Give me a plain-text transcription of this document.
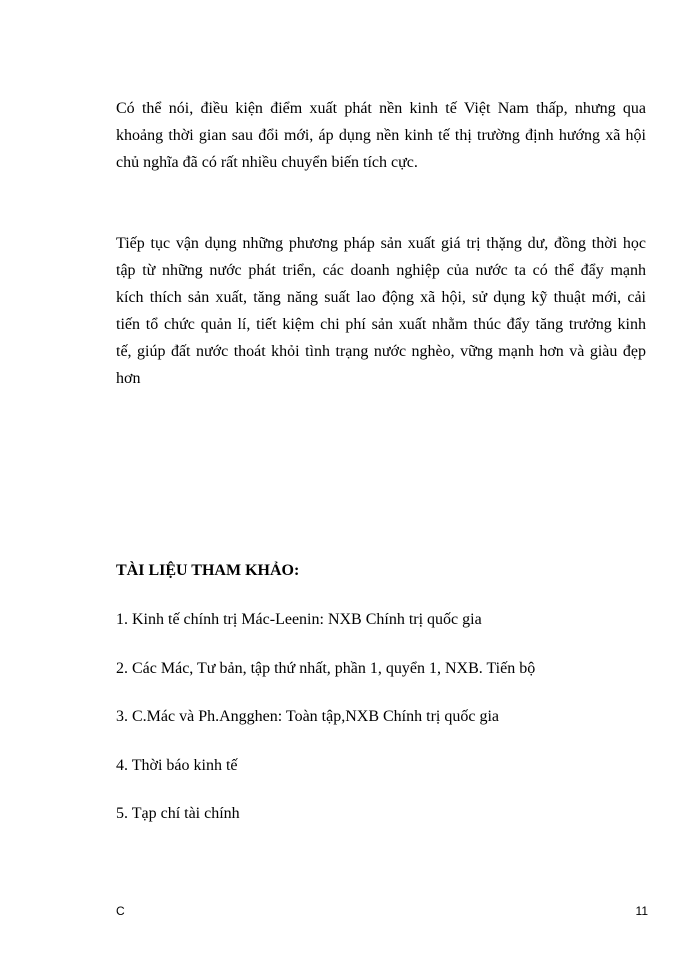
Có thể nói, điều kiện điểm xuất phát nền kinh tế Việt Nam thấp, nhưng qua
khoảng thời gian sau đổi mới, áp dụng nền kinh tế thị trường định hướng xã hội
chủ nghĩa đã có rất nhiều chuyển biến tích cực.
Tiếp tục vận dụng những phương pháp sản xuất giá trị thặng dư, đồng thời học
tập từ những nước phát triển, các doanh nghiệp của nước ta có thể đẩy mạnh
kích thích sản xuất, tăng năng suất lao động xã hội, sử dụng kỹ thuật mới, cải
tiến tổ chức quản lí, tiết kiệm chi phí sản xuất nhằm thúc đẩy tăng trưởng kinh
tế, giúp đất nước thoát khỏi tình trạng nước nghèo, vững mạnh hơn và giàu đẹp
hơn
TÀI LIỆU THAM KHẢO:
1. Kinh tế chính trị Mác-Leenin: NXB Chính trị quốc gia
2. Các Mác, Tư bản, tập thứ nhất, phần 1, quyển 1, NXB. Tiến bộ
3. C.Mác và Ph.Angghen: Toàn tập,NXB Chính trị quốc gia
4. Thời báo kinh tế
5. Tạp chí tài chính
C	11
